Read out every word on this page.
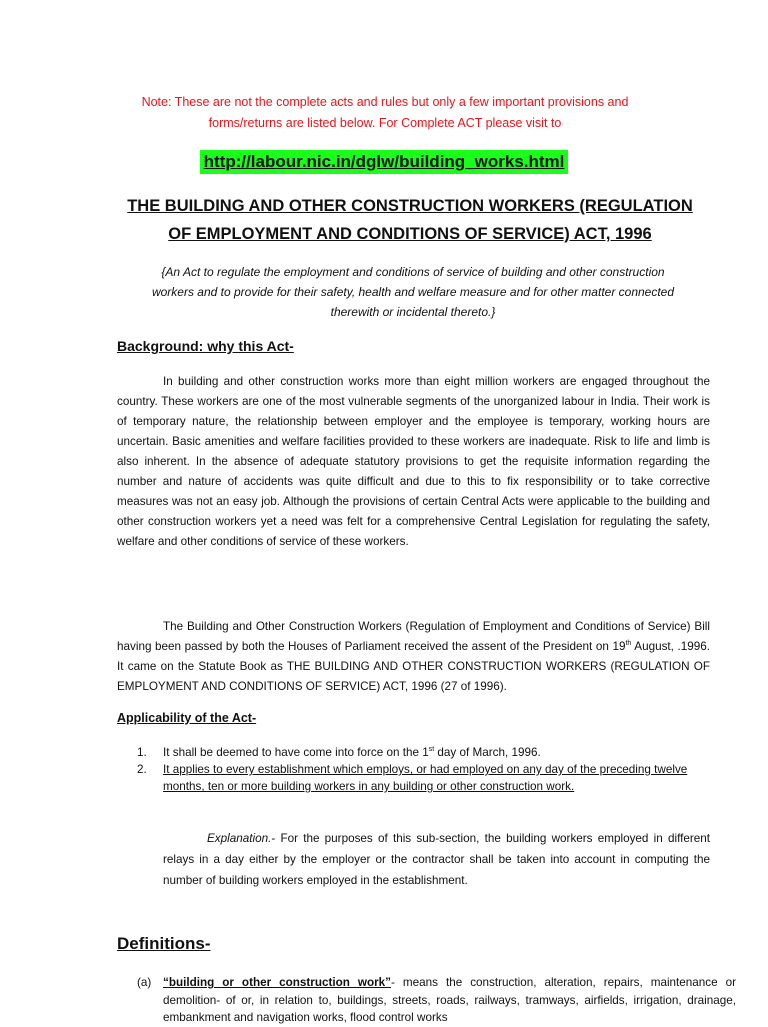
Note: These are not the complete acts and rules but only a few important provisions and
forms/returns are listed below. For Complete ACT please visit to
http://labour.nic.in/dglw/building_works.html
THE BUILDING AND OTHER CONSTRUCTION WORKERS (REGULATION
OF EMPLOYMENT AND CONDITIONS OF SERVICE) ACT, 1996
{An Act to regulate the employment and conditions of service of building and other construction
workers and to provide for their safety, health and welfare measure and for other matter connected
therewith or incidental thereto.}
Background: why this Act-

In building and other construction works more than eight million workers are engaged throughout the country. These workers are one of the most vulnerable segments of the unorganized labour in India. Their work is of temporary nature, the relationship between employer and the employee is temporary, working hours are uncertain. Basic amenities and welfare facilities provided to these workers are inadequate. Risk to life and limb is also inherent. In the absence of adequate statutory provisions to get the requisite information regarding the number and nature of accidents was quite difficult and due to this to fix responsibility or to take corrective measures was not an easy job. Although the provisions of certain Central Acts were applicable to the building and other construction workers yet a need was felt for a comprehensive Central Legislation for regulating the safety, welfare and other conditions of service of these workers.

The Building and Other Construction Workers (Regulation of Employment and Conditions of Service) Bill having been passed by both the Houses of Parliament received the assent of the President on 19th August, .1996. It came on the Statute Book as THE BUILDING AND OTHER CONSTRUCTION WORKERS (REGULATION OF EMPLOYMENT AND CONDITIONS OF SERVICE) ACT, 1996 (27 of 1996).

Applicability of the Act-
1. It shall be deemed to have come into force on the 1st day of March, 1996.
2. It applies to every establishment which employs, or had employed on any day of the preceding twelve months, ten or more building workers in any building or other construction work.

Explanation.- For the purposes of this sub-section, the building workers employed in different relays in a day either by the employer or the contractor shall be taken into account in computing the number of building workers employed in the establishment.

Definitions-

(a) “building or other construction work”- means the construction, alteration, repairs, maintenance or demolition- of or, in relation to, buildings, streets, roads, railways, tramways, airfields, irrigation, drainage, embankment and navigation works, flood control works
